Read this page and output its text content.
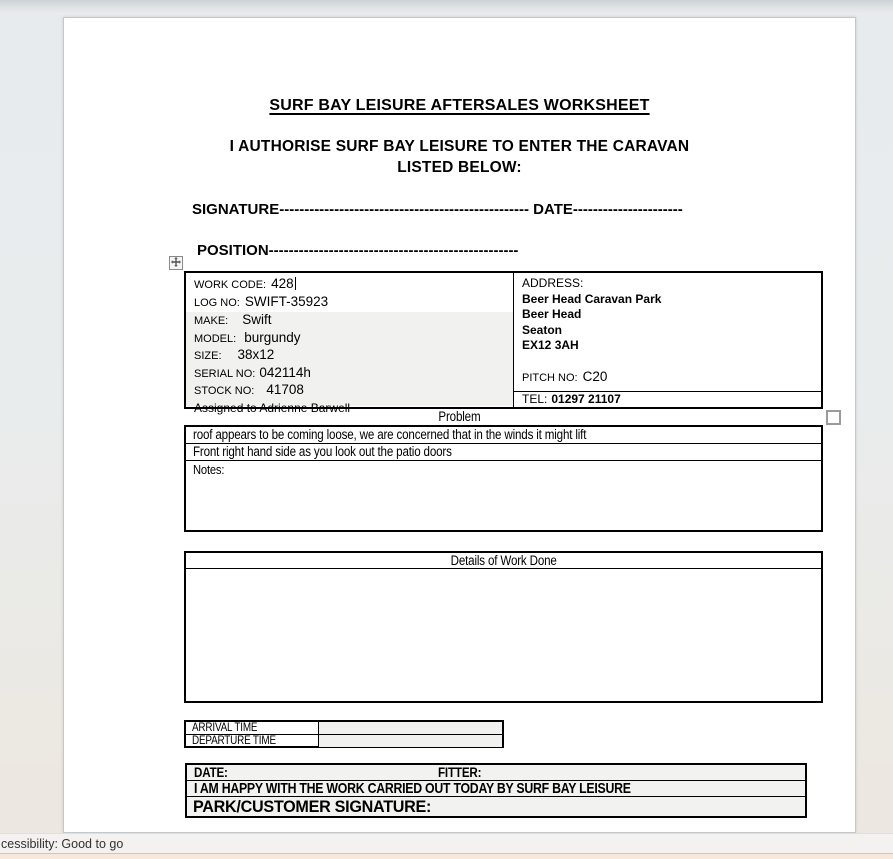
SURF BAY LEISURE AFTERSALES WORKSHEET
I AUTHORISE SURF BAY LEISURE TO ENTER THE CARAVAN
LISTED BELOW:
SIGNATURE-------------------------------------------------- DATE----------------------
POSITION--------------------------------------------------
WORK CODE: 428
LOG NO: SWIFT-35923
MAKE: Swift
MODEL: burgundy
SIZE: 38x12
SERIAL NO: 042114h
STOCK NO: 41708
Assigned to Adrienne Barwell
ADDRESS:
Beer Head Caravan Park
Beer Head
Seaton
EX12 3AH
PITCH NO: C20
TEL: 01297 21107
Problem
roof appears to be coming loose, we are concerned that in the winds it might lift
Front right hand side as you look out the patio doors
Notes:
Details of Work Done
ARRIVAL TIME
DEPARTURE TIME
DATE:	FITTER:
I AM HAPPY WITH THE WORK CARRIED OUT TODAY BY SURF BAY LEISURE
PARK/CUSTOMER SIGNATURE:
cessibility: Good to go
